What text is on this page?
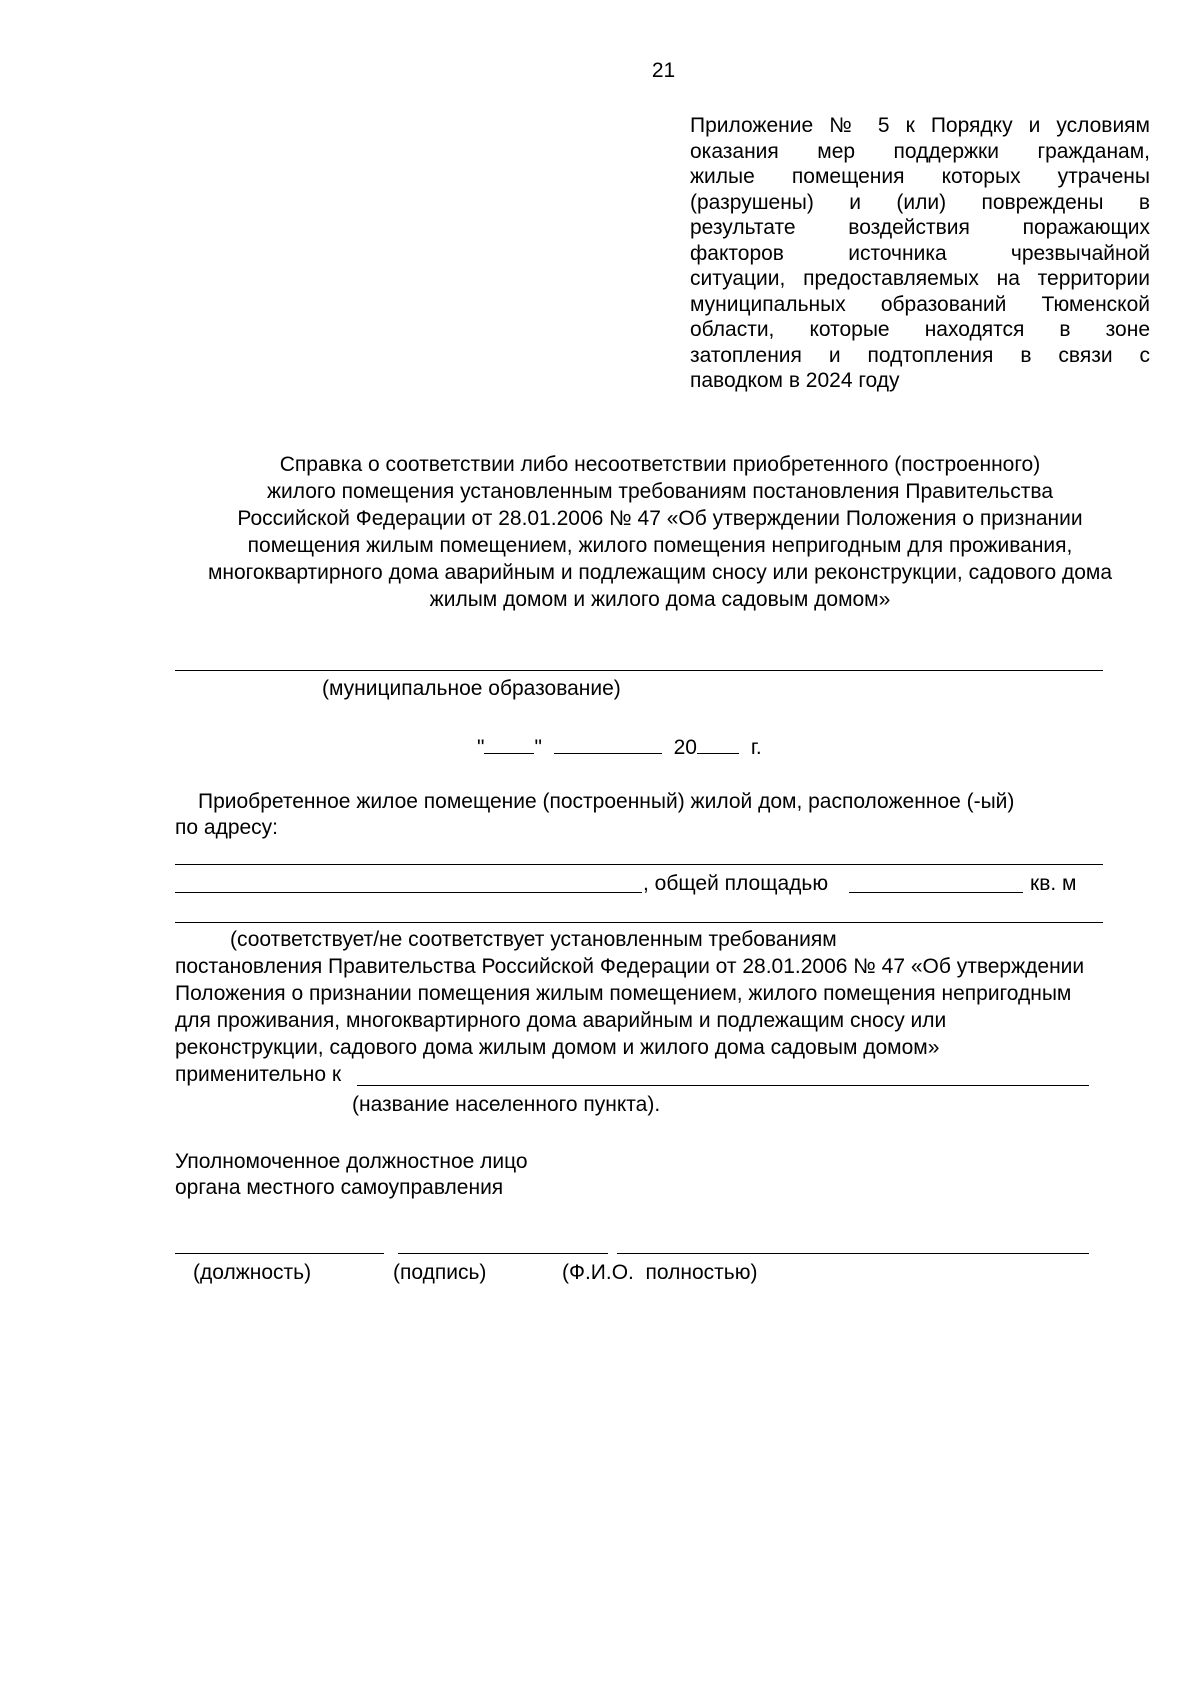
21
Приложение № 5 к Порядку и условиям
оказания мер поддержки гражданам,
жилые помещения которых утрачены
(разрушены) и (или) повреждены в
результате воздействия поражающих
факторов источника чрезвычайной
ситуации, предоставляемых на территории
муниципальных образований Тюменской
области, которые находятся в зоне
затопления и подтопления в связи с
паводком в 2024 году
Справка о соответствии либо несоответствии приобретенного (построенного)
жилого помещения установленным требованиям постановления Правительства
Российской Федерации от 28.01.2006 № 47 «Об утверждении Положения о признании
помещения жилым помещением, жилого помещения непригодным для проживания,
многоквартирного дома аварийным и подлежащим сносу или реконструкции, садового дома
жилым домом и жилого дома садовым домом»
(муниципальное образование)
" "	20	г.
Приобретенное жилое помещение (построенный) жилой дом, расположенное (-ый)
по адресу:
, общей площадью	кв. м
(соответствует/не соответствует установленным требованиям
постановления Правительства Российской Федерации от 28.01.2006 № 47 «Об утверждении
Положения о признании помещения жилым помещением, жилого помещения непригодным
для проживания, многоквартирного дома аварийным и подлежащим сносу или
реконструкции, садового дома жилым домом и жилого дома садовым домом»
применительно к
(название населенного пункта).
Уполномоченное должностное лицо
органа местного самоуправления
(должность)	(подпись)	(Ф.И.О.  полностью)
